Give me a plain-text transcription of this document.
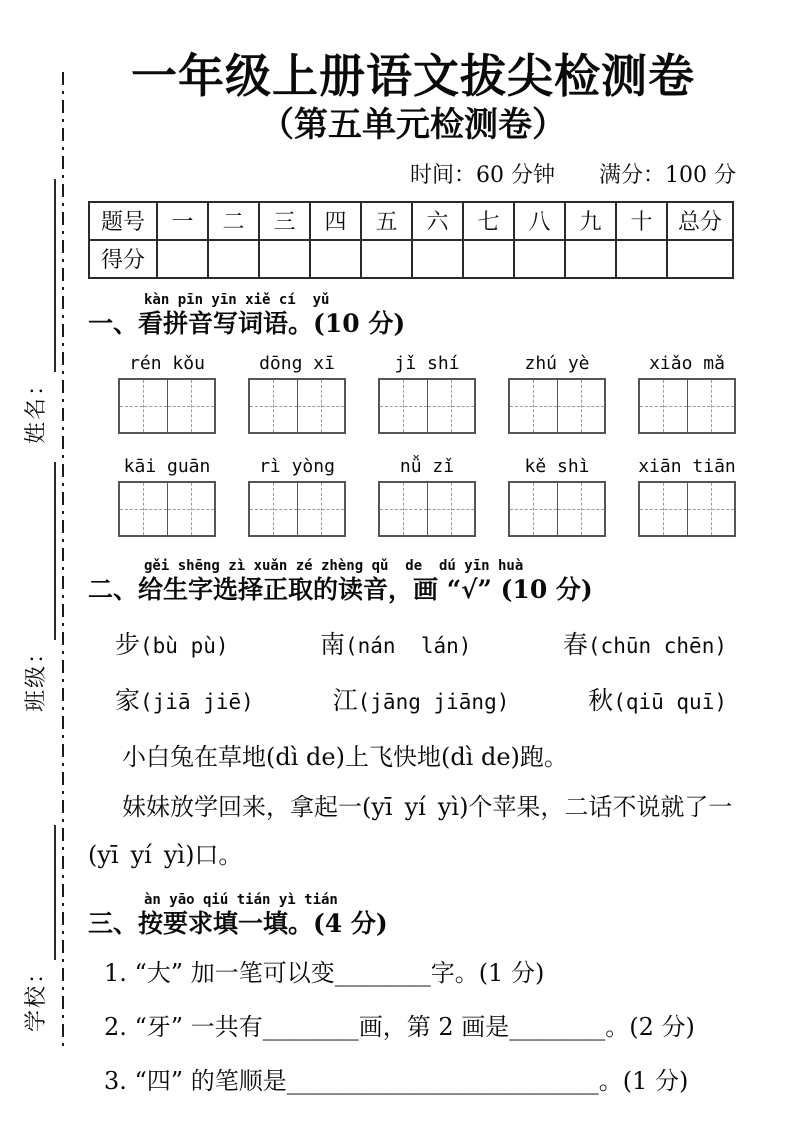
学校：
班级：
姓名：
一年级上册语文拔尖检测卷
（第五单元检测卷）
时间：60 分钟　　满分：100 分
题号	一	二	三	四	五	六	七	八	九	十	总分
得分											
kàn pīn yīn xiě cí  yǔ
一、看拼音写词语。(10 分)
rén kǒu	dōng xī	jǐ shí	zhú yè	xiǎo mǎ
kāi guān	rì yòng	nǚ zǐ	kě shì	xiān tiān
gěi shēng zì xuǎn zé zhèng qǔ  de  dú yīn huà
二、给生字选择正取的读音，画 “√” (10 分)
步(bù pù)	南(nán  lán)	春(chūn chēn)
家(jiā jiē)	江(jāng jiāng)	秋(qiū quī)

小白兔在草地(dì de)上飞快地(dì de)跑。

妹妹放学回来，拿起一(yī yí yì)个苹果，二话不说就了一(yī yí yì)口。

àn yāo qiú tián yì tián
三、按要求填一填。(4 分)
1. “大” 加一笔可以变________字。(1 分)
2. “牙” 一共有________画，第 2 画是________。(2 分)
3. “四” 的笔顺是__________________________。(1 分)
